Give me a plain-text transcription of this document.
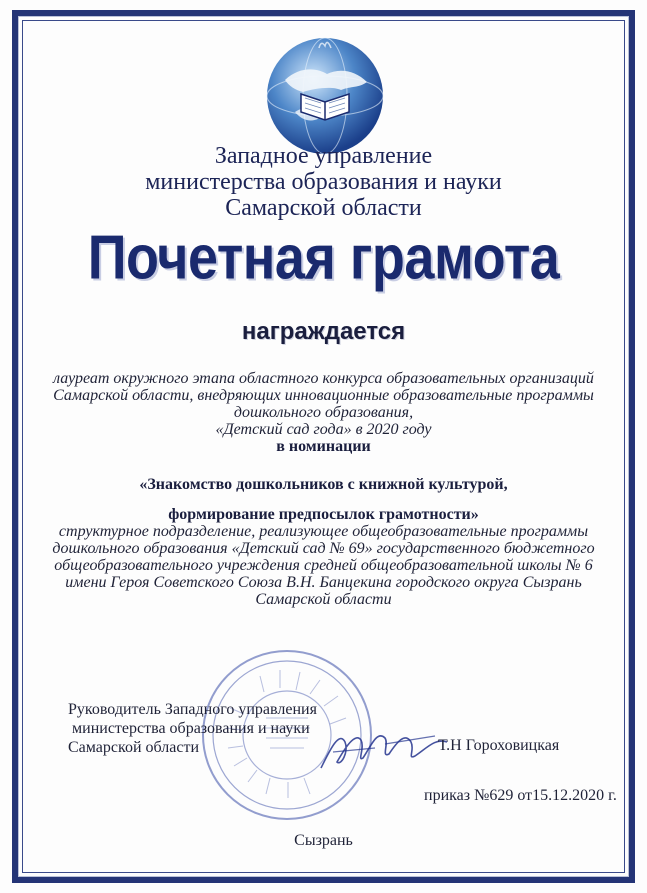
Западное управление
министерства образования и науки
Самарской области
Почетная грамота
награждается
лауреат окружного этапа областного конкурса образовательных организаций
Самарской области, внедряющих инновационные образовательные программы
дошкольного образования,
«Детский сад года» в 2020 году
в номинации
«Знакомство дошкольников с книжной культурой,
формирование предпосылок грамотности»
структурное подразделение, реализующее общеобразовательные программы
дошкольного образования «Детский сад № 69» государственного бюджетного
общеобразовательного учреждения средней общеобразовательной школы № 6
имени Героя Советского Союза В.Н. Банцекина городского округа Сызрань
Самарской области
Руководитель Западного управления
министерства образования и науки
Самарской области	Т.Н Гороховицкая
приказ №629 от15.12.2020 г.
Сызрань
